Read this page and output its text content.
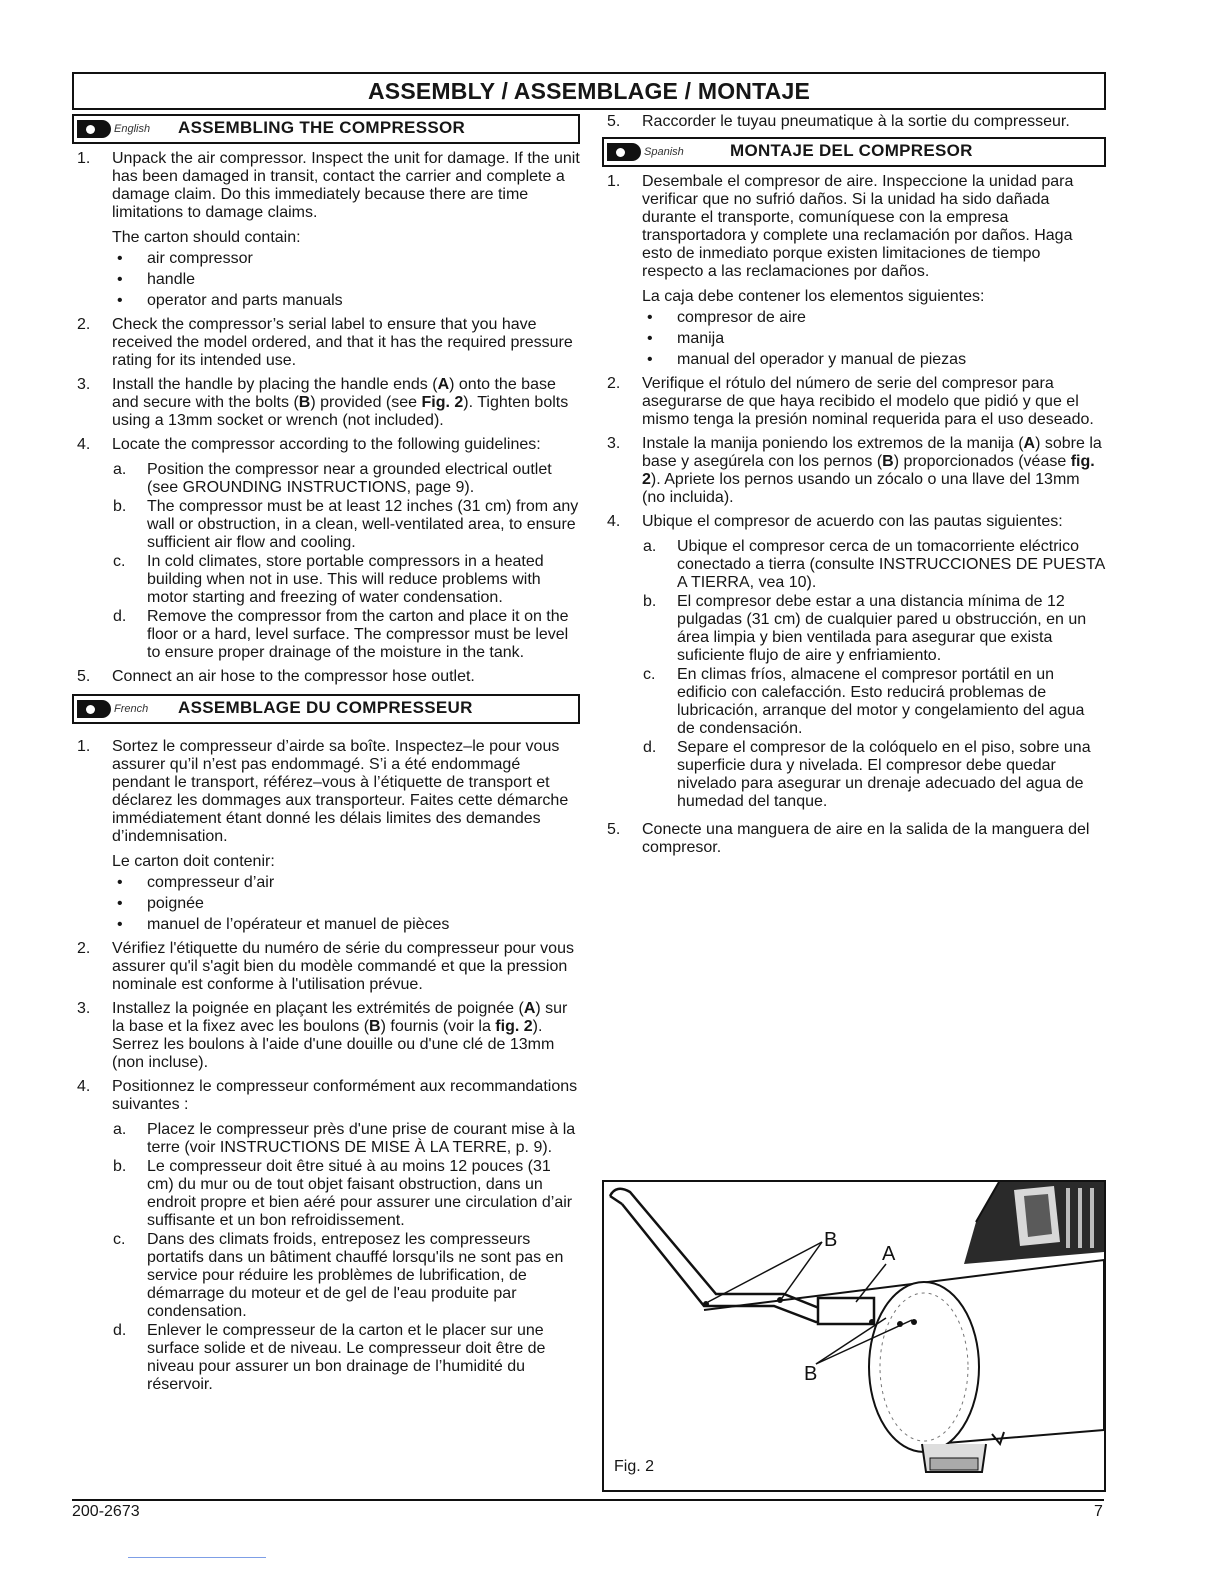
ASSEMBLY / ASSEMBLAGE / MONTAJE
English ASSEMBLING THE COMPRESSOR
1. Unpack the air compressor. Inspect the unit for damage. If the unit has been damaged in transit, contact the carrier and complete a damage claim. Do this immediately because there are time limitations to damage claims.
The carton should contain:
• air compressor
• handle
• operator and parts manuals
2. Check the compressor’s serial label to ensure that you have received the model ordered, and that it has the required pressure rating for its intended use.
3. Install the handle by placing the handle ends (A) onto the base and secure with the bolts (B) provided (see Fig. 2). Tighten bolts using a 13mm socket or wrench (not included).
4. Locate the compressor according to the following guidelines:
a. Position the compressor near a grounded electrical outlet (see GROUNDING INSTRUCTIONS, page 9).
b. The compressor must be at least 12 inches (31 cm) from any wall or obstruction, in a clean, well-ventilated area, to ensure sufficient air flow and cooling.
c. In cold climates, store portable compressors in a heated building when not in use. This will reduce problems with motor starting and freezing of water condensation.
d. Remove the compressor from the carton and place it on the floor or a hard, level surface. The compressor must be level to ensure proper drainage of the moisture in the tank.
5. Connect an air hose to the compressor hose outlet.
French ASSEMBLAGE DU COMPRESSEUR
1. Sortez le compresseur d’airde sa boîte. Inspectez–le pour vous assurer qu’il n’est pas endommagé. S’i a été endommagé pendant le transport, référez–vous à l’étiquette de transport et déclarez les dommages aux transporteur. Faites cette démarche immédiatement étant donné les délais limites des demandes d’indemnisation.
Le carton doit contenir:
• compresseur d’air
• poignée
• manuel de l’opérateur et manuel de pièces
2. Vérifiez l'étiquette du numéro de série du compresseur pour vous assurer qu'il s'agit bien du modèle commandé et que la pression nominale est conforme à l'utilisation prévue.
3. Installez la poignée en plaçant les extrémités de poignée (A) sur la base et la fixez avec les boulons (B) fournis (voir la fig. 2). Serrez les boulons à l'aide d'une douille ou d'une clé de 13mm (non incluse).
4. Positionnez le compresseur conformément aux recommandations suivantes :
a. Placez le compresseur près d'une prise de courant mise à la terre (voir INSTRUCTIONS DE MISE À LA TERRE, p. 9).
b. Le compresseur doit être situé à au moins 12 pouces (31 cm) du mur ou de tout objet faisant obstruction, dans un endroit propre et bien aéré pour assurer une circulation d’air suffisante et un bon refroidissement.
c. Dans des climats froids, entreposez les compresseurs portatifs dans un bâtiment chauffé lorsqu'ils ne sont pas en service pour réduire les problèmes de lubrification, de démarrage du moteur et de gel de l'eau produite par condensation.
d. Enlever le compresseur de la carton et le placer sur une surface solide et de niveau. Le compresseur doit être de niveau pour assurer un bon drainage de l’humidité du réservoir.
5. Raccorder le tuyau pneumatique à la sortie du compresseur.
Spanish	MONTAJE DEL COMPRESOR
1. Desembale el compresor de aire. Inspeccione la unidad para verificar que no sufrió daños. Si la unidad ha sido dañada durante el transporte, comuníquese con la empresa transportadora y complete una reclamación por daños. Haga esto de inmediato porque existen limitaciones de tiempo respecto a las reclamaciones por daños.
La caja debe contener los elementos siguientes:
• compresor de aire
• manija
• manual del operador y manual de piezas
2. Verifique el rótulo del número de serie del compresor para asegurarse de que haya recibido el modelo que pidió y que el mismo tenga la presión nominal requerida para el uso deseado.
3. Instale la manija poniendo los extremos de la manija (A) sobre la base y asegúrela con los pernos (B) proporcionados (véase fig. 2). Apriete los pernos usando un zócalo o una llave del 13mm (no incluida).
4. Ubique el compresor de acuerdo con las pautas siguientes:
a. Ubique el compresor cerca de un tomacorriente eléctrico conectado a tierra (consulte INSTRUCCIONES DE PUESTA A TIERRA, vea 10).
b. El compresor debe estar a una distancia mínima de 12 pulgadas (31 cm) de cualquier pared u obstrucción, en un área limpia y bien ventilada para asegurar que exista suficiente flujo de aire y enfriamiento.
c. En climas fríos, almacene el compresor portátil en un edificio con calefacción. Esto reducirá problemas de lubricación, arranque del motor y congelamiento del agua de condensación.
d. Separe el compresor de la colóquelo en el piso, sobre una superficie dura y nivelada. El compresor debe quedar nivelado para asegurar un drenaje adecuado del agua de humedad del tanque.
5. Conecte una manguera de aire en la salida de la manguera del compresor.
B
A
B
Fig. 2
200-2673	7
